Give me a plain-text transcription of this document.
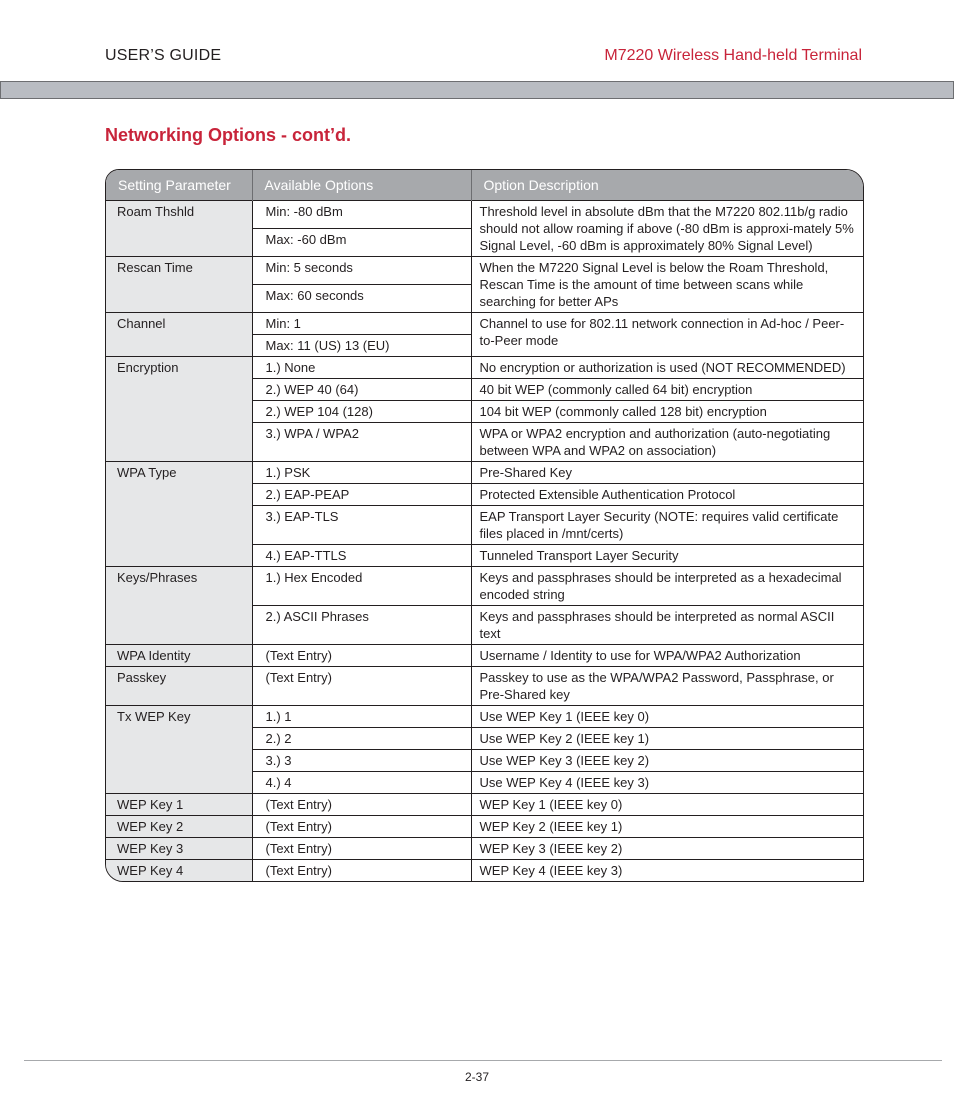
USER’S GUIDE	M7220 Wireless Hand-held Terminal
Networking Options - cont’d.
Setting Parameter	Available Options	Option Description
Roam Thshld	Min: -80 dBm	Threshold level in absolute dBm that the M7220 802.11b/g radio should not allow roaming if above (-80 dBm is approxi-mately 5% Signal Level, -60 dBm is approximately 80% Signal Level)
	Max: -60 dBm	
Rescan Time	Min: 5 seconds	When the M7220 Signal Level is below the Roam Threshold, Rescan Time is the amount of time between scans while searching for better APs
	Max: 60 seconds	
Channel	Min: 1	Channel to use for 802.11 network connection in Ad-hoc / Peer-to-Peer mode
	Max: 11 (US) 13 (EU)	
Encryption	1.) None	No encryption or authorization is used (NOT RECOMMENDED)
	2.) WEP 40 (64)	40 bit WEP (commonly called 64 bit) encryption
	2.) WEP 104 (128)	104 bit WEP (commonly called 128 bit) encryption
	3.) WPA / WPA2	WPA or WPA2 encryption and authorization (auto-negotiating between WPA and WPA2 on association)
WPA Type	1.) PSK	Pre-Shared Key
	2.) EAP-PEAP	Protected Extensible Authentication Protocol
	3.) EAP-TLS	EAP Transport Layer Security (NOTE: requires valid certificate files placed in /mnt/certs)
	4.) EAP-TTLS	Tunneled Transport Layer Security
Keys/Phrases	1.) Hex Encoded	Keys and passphrases should be interpreted as a hexadecimal encoded string
	2.) ASCII Phrases	Keys and passphrases should be interpreted as normal ASCII text
WPA Identity	(Text Entry)	Username / Identity to use for WPA/WPA2 Authorization
Passkey	(Text Entry)	Passkey to use as the WPA/WPA2 Password, Passphrase, or Pre-Shared key
Tx WEP Key	1.) 1	Use WEP Key 1 (IEEE key 0)
	2.) 2	Use WEP Key 2 (IEEE key 1)
	3.) 3	Use WEP Key 3 (IEEE key 2)
	4.) 4	Use WEP Key 4 (IEEE key 3)
WEP Key 1	(Text Entry)	WEP Key 1 (IEEE key 0)
WEP Key 2	(Text Entry)	WEP Key 2 (IEEE key 1)
WEP Key 3	(Text Entry)	WEP Key 3 (IEEE key 2)
WEP Key 4	(Text Entry)	WEP Key 4 (IEEE key 3)
2-37
